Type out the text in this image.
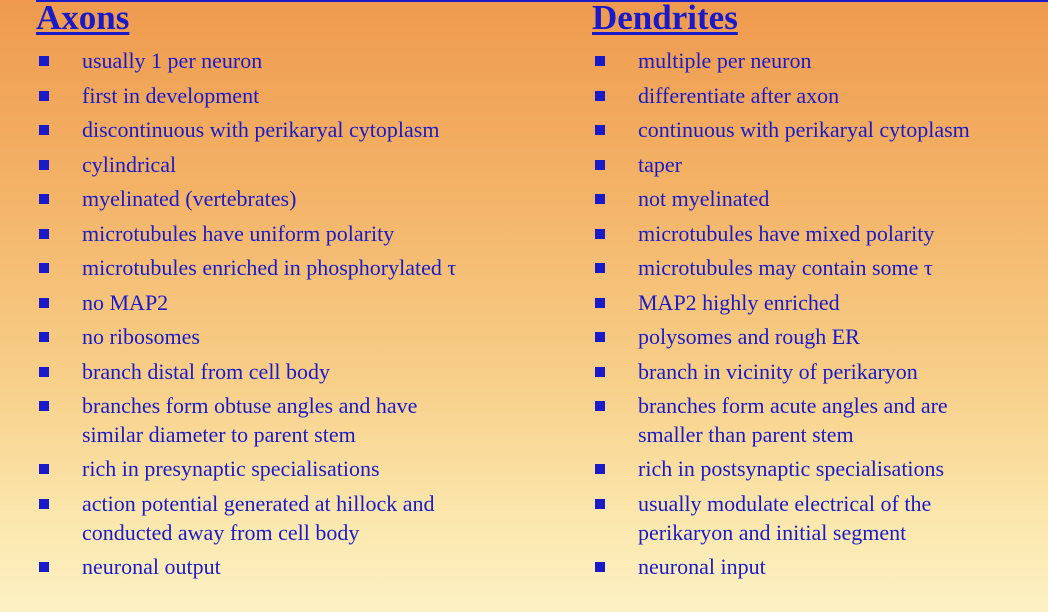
Axons
usually 1 per neuron
first in development
discontinuous with perikaryal cytoplasm
cylindrical
myelinated (vertebrates)
microtubules have uniform polarity
microtubules enriched in phosphorylated τ
no MAP2
no ribosomes
branch distal from cell body
branches form obtuse angles and have
similar diameter to parent stem
rich in presynaptic specialisations
action potential generated at hillock and
conducted away from cell body
neuronal output
Dendrites
multiple per neuron
differentiate after axon
continuous with perikaryal cytoplasm
taper
not myelinated
microtubules have mixed polarity
microtubules may contain some τ
MAP2 highly enriched
polysomes and rough ER
branch in vicinity of perikaryon
branches form acute angles and are
smaller than parent stem
rich in postsynaptic specialisations
usually modulate electrical of the
perikaryon and initial segment
neuronal input
